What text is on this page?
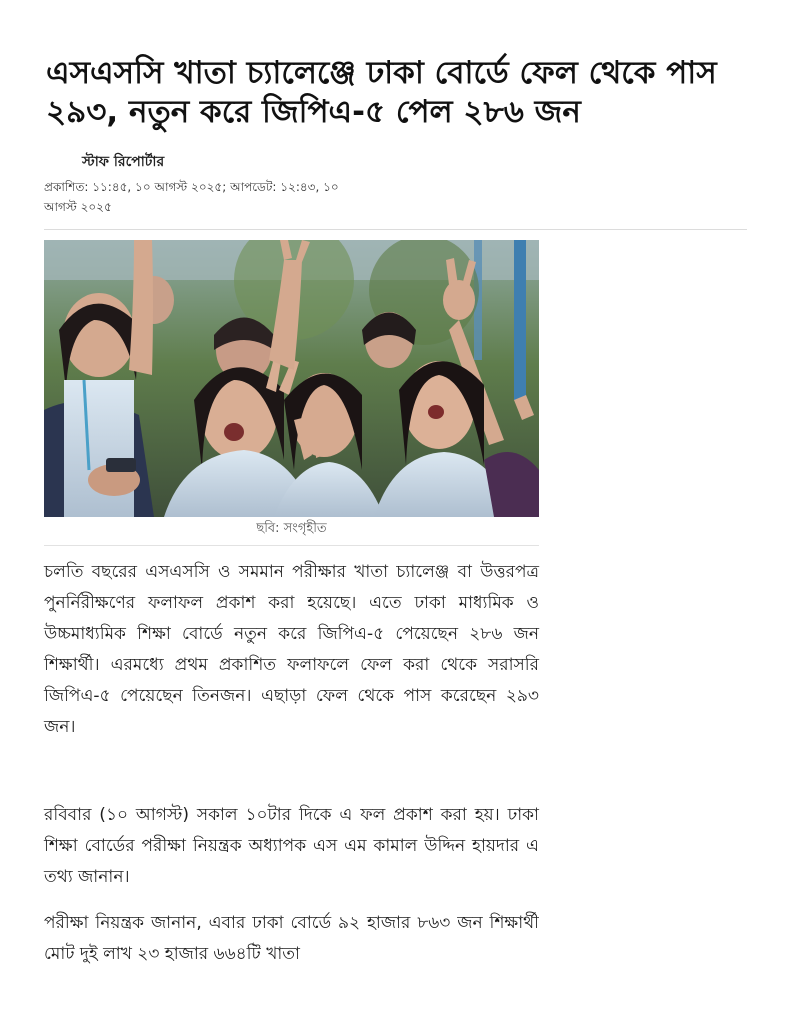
এসএসসি খাতা চ্যালেঞ্জে ঢাকা বোর্ডে ফেল থেকে পাস ২৯৩, নতুন করে জিপিএ-৫ পেল ২৮৬ জন
স্টাফ রিপোর্টার
প্রকাশিত: ১১:৪৫, ১০ আগস্ট ২০২৫; আপডেট: ১২:৪৩, ১০ আগস্ট ২০২৫
ছবি: সংগৃহীত

চলতি বছরের এসএসসি ও সমমান পরীক্ষার খাতা চ্যালেঞ্জ বা উত্তরপত্র পুনর্নিরীক্ষণের ফলাফল প্রকাশ করা হয়েছে। এতে ঢাকা মাধ্যমিক ও উচ্চমাধ্যমিক শিক্ষা বোর্ডে নতুন করে জিপিএ-৫ পেয়েছেন ২৮৬ জন শিক্ষার্থী। এরমধ্যে প্রথম প্রকাশিত ফলাফলে ফেল করা থেকে সরাসরি জিপিএ-৫ পেয়েছেন তিনজন। এছাড়া ফেল থেকে পাস করেছেন ২৯৩ জন।

রবিবার (১০ আগস্ট) সকাল ১০টার দিকে এ ফল প্রকাশ করা হয়। ঢাকা শিক্ষা বোর্ডের পরীক্ষা নিয়ন্ত্রক অধ্যাপক এস এম কামাল উদ্দিন হায়দার এ তথ্য জানান।

পরীক্ষা নিয়ন্ত্রক জানান, এবার ঢাকা বোর্ডে ৯২ হাজার ৮৬৩ জন শিক্ষার্থী মোট দুই লাখ ২৩ হাজার ৬৬৪টি খাতা
